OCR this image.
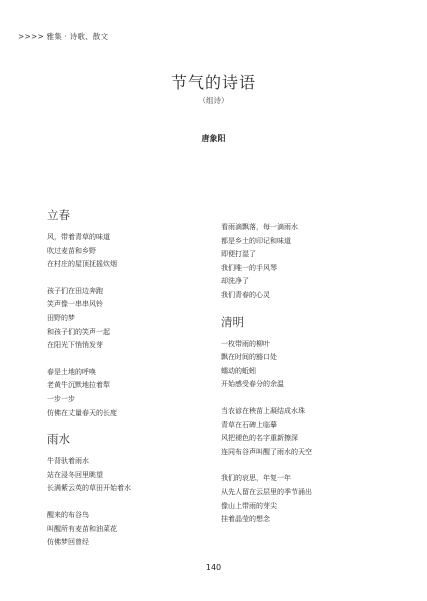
>>>> 雅集 · 诗歌、散文
节气的诗语
（组诗）
唐象阳
立春
风，带着青草的味道
吹过麦苗和乡野
在村庄的屋顶抚摇炊烟
孩子们在田边奔跑
笑声像一串串风铃
田野的梦
和孩子们的笑声一起
在阳光下悄悄发芽
春是土地的呼唤
老黄牛沉默地拉着犁
一步一步
仿佛在丈量春天的长度
雨水
牛背驮着雨水
站在浸冬回里眺望
长满紫云英的草田开始着水
醒来的布谷鸟
叫醒所有麦苗和油菜花
仿佛梦回曾经
看雨滴飘落，每一滴雨水
都是乡土的印记和味道
即便打湿了
我们唯一的手风琴
却洗净了
我们青春的心灵
清明
一枚带雨的柳叶
飘在时间的豁口处
蠕动的蚯蚓
开始感受春分的余温
当农谚在秧苗上凝结成水珠
青草在石碑上临摹
风把褪色的名字重新擦深
连同布谷声叫醒了雨水的天空
我们的哀思，年复一年
从先人留在云层里的季节涌出
像山上带雨的芽尖
挂着晶莹的想念
140
